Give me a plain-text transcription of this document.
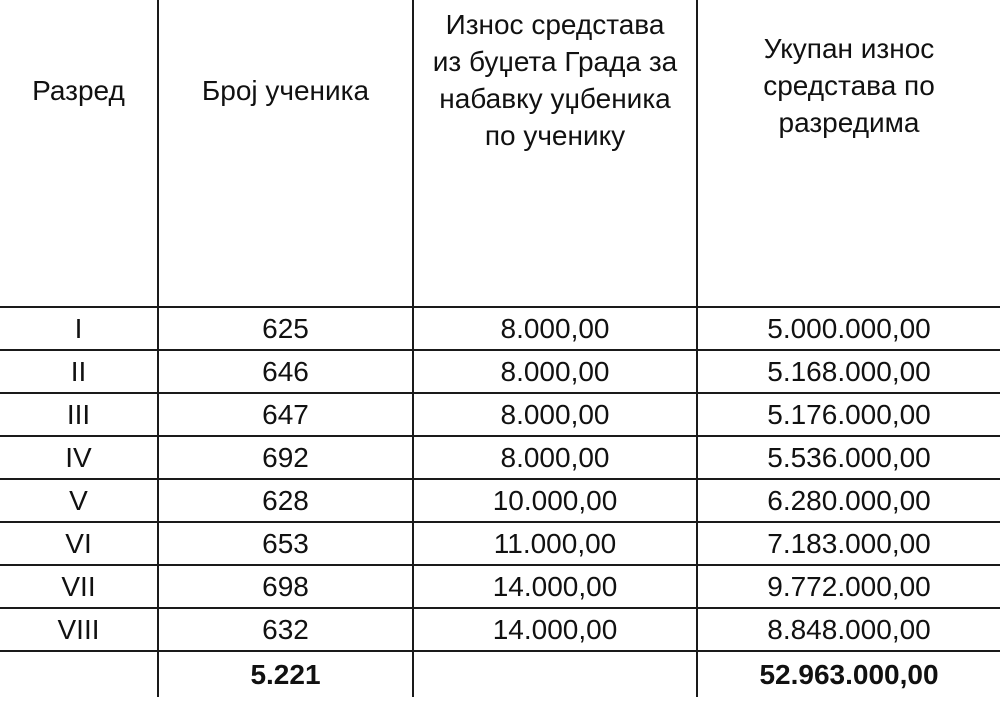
Разред	Број ученика	Износ средстава
из буџета Града за
набавку уџбеника
по ученику	Укупан износ
средстава по
разредима

I	625	8.000,00	5.000.000,00
II	646	8.000,00	5.168.000,00
III	647	8.000,00	5.176.000,00
IV	692	8.000,00	5.536.000,00
V	628	10.000,00	6.280.000,00
VI	653	11.000,00	7.183.000,00
VII	698	14.000,00	9.772.000,00
VIII	632	14.000,00	8.848.000,00
	5.221		52.963.000,00
